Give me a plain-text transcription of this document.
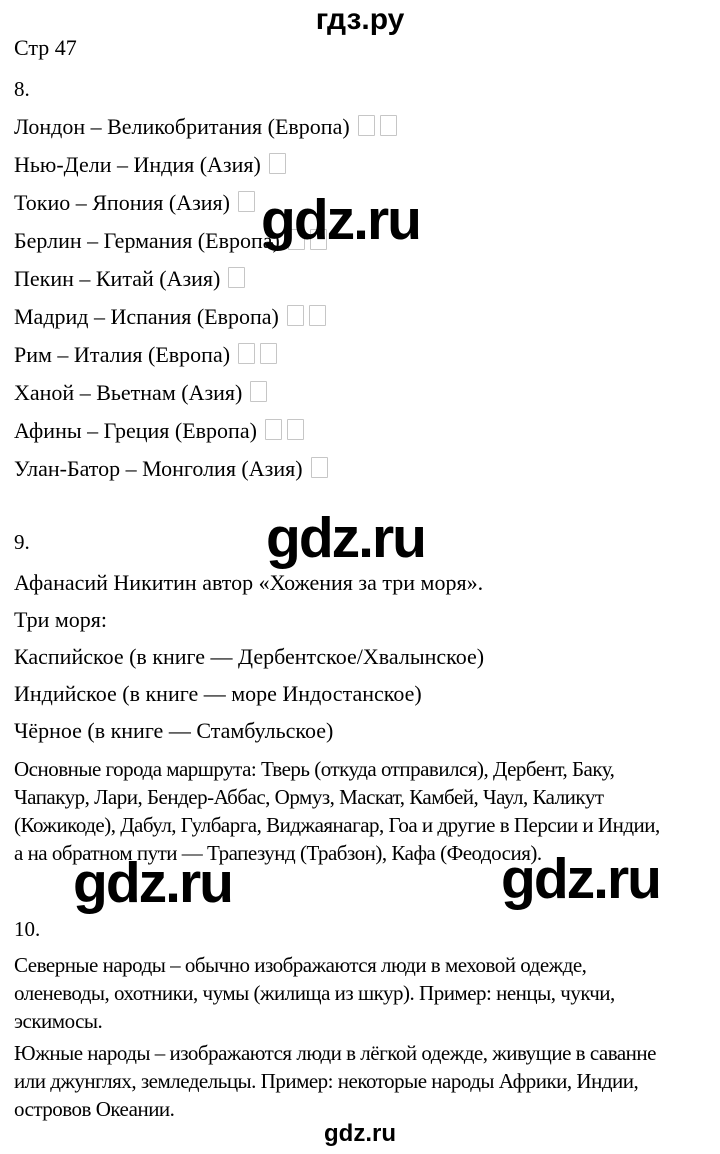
гдз.ру
Стр 47
8.
Лондон – Великобритания (Европа)
Нью-Дели – Индия (Азия)
Токио – Япония (Азия)
Берлин – Германия (Европа)
Пекин – Китай (Азия)
Мадрид – Испания (Европа)
Рим – Италия (Европа)
Ханой – Вьетнам (Азия)
Афины – Греция (Европа)
Улан-Батор – Монголия (Азия)
9.
Афанасий Никитин автор «Хожения за три моря».
Три моря:
Каспийское (в книге — Дербентское/Хвалынское)
Индийское (в книге — море Индостанское)
Чёрное (в книге — Стамбульское)
Основные города маршрута: Тверь (откуда отправился), Дербент, Баку,
Чапакур, Лари, Бендер-Аббас, Ормуз, Маскат, Камбей, Чаул, Каликут
(Кожикоде), Дабул, Гулбарга, Виджаянагар, Гоа и другие в Персии и Индии,
а на обратном пути — Трапезунд (Трабзон), Кафа (Феодосия).
10.
Северные народы – обычно изображаются люди в меховой одежде,
оленеводы, охотники, чумы (жилища из шкур). Пример: ненцы, чукчи,
эскимосы.
Южные народы – изображаются люди в лёгкой одежде, живущие в саванне
или джунглях, земледельцы. Пример: некоторые народы Африки, Индии,
островов Океании.
gdz.ru
gdz.ru
gdz.ru	gdz.ru
gdz.ru
